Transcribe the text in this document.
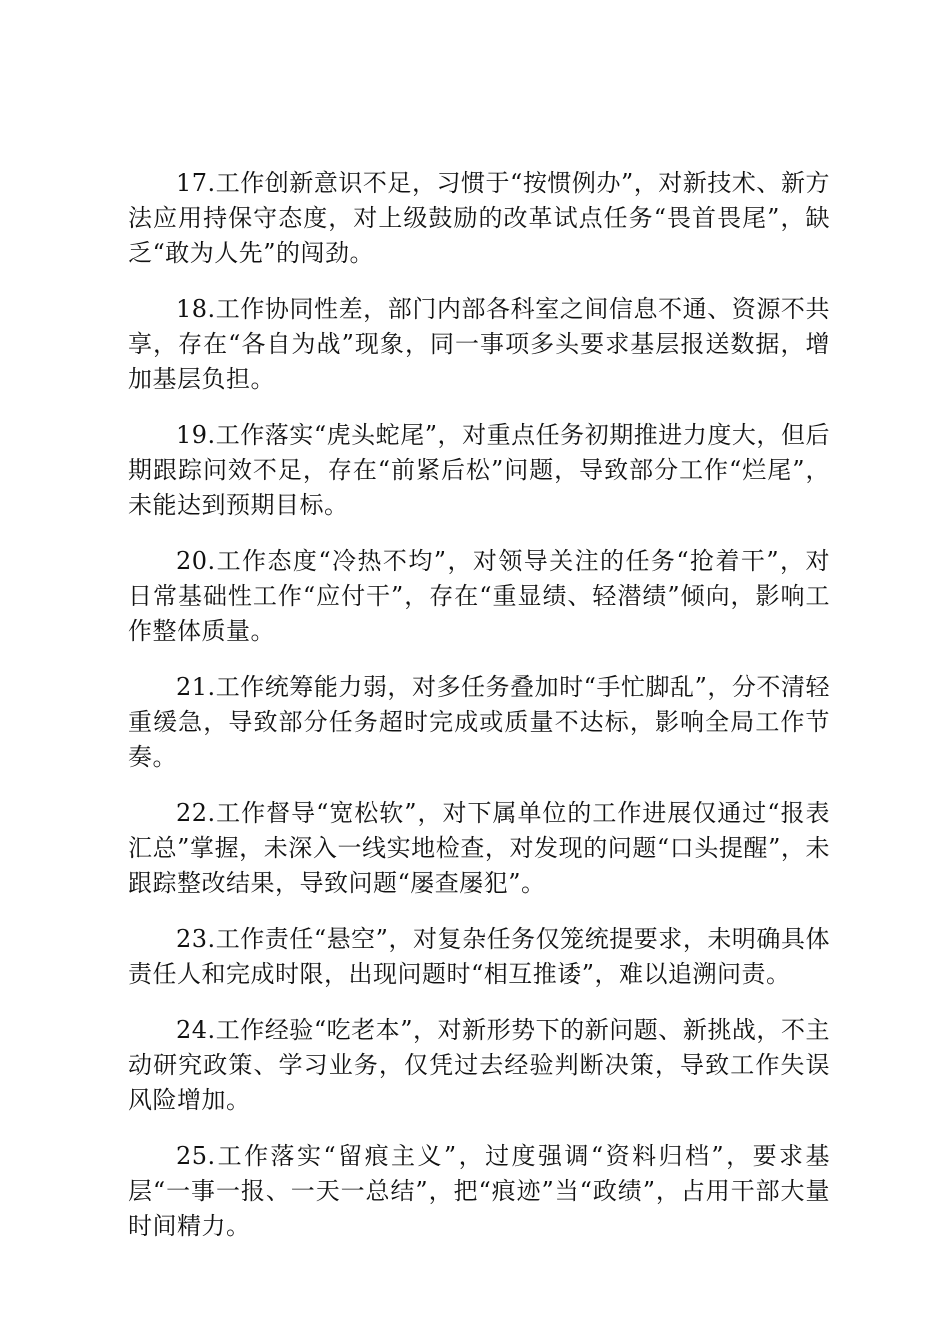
17.工作创新意识不足，习惯于“按惯例办”，对新技术、新方法应用持保守态度，对上级鼓励的改革试点任务“畏首畏尾”，缺乏“敢为人先”的闯劲。

18.工作协同性差，部门内部各科室之间信息不通、资源不共享，存在“各自为战”现象，同一事项多头要求基层报送数据，增加基层负担。

19.工作落实“虎头蛇尾”，对重点任务初期推进力度大，但后期跟踪问效不足，存在“前紧后松”问题，导致部分工作“烂尾”，未能达到预期目标。

20.工作态度“冷热不均”，对领导关注的任务“抢着干”，对日常基础性工作“应付干”，存在“重显绩、轻潜绩”倾向，影响工作整体质量。

21.工作统筹能力弱，对多任务叠加时“手忙脚乱”，分不清轻重缓急，导致部分任务超时完成或质量不达标，影响全局工作节奏。

22.工作督导“宽松软”，对下属单位的工作进展仅通过“报表汇总”掌握，未深入一线实地检查，对发现的问题“口头提醒”，未跟踪整改结果，导致问题“屡查屡犯”。

23.工作责任“悬空”，对复杂任务仅笼统提要求，未明确具体责任人和完成时限，出现问题时“相互推诿”，难以追溯问责。

24.工作经验“吃老本”，对新形势下的新问题、新挑战，不主动研究政策、学习业务，仅凭过去经验判断决策，导致工作失误风险增加。

25.工作落实“留痕主义”，过度强调“资料归档”，要求基层“一事一报、一天一总结”，把“痕迹”当“政绩”，占用干部大量时间精力。
